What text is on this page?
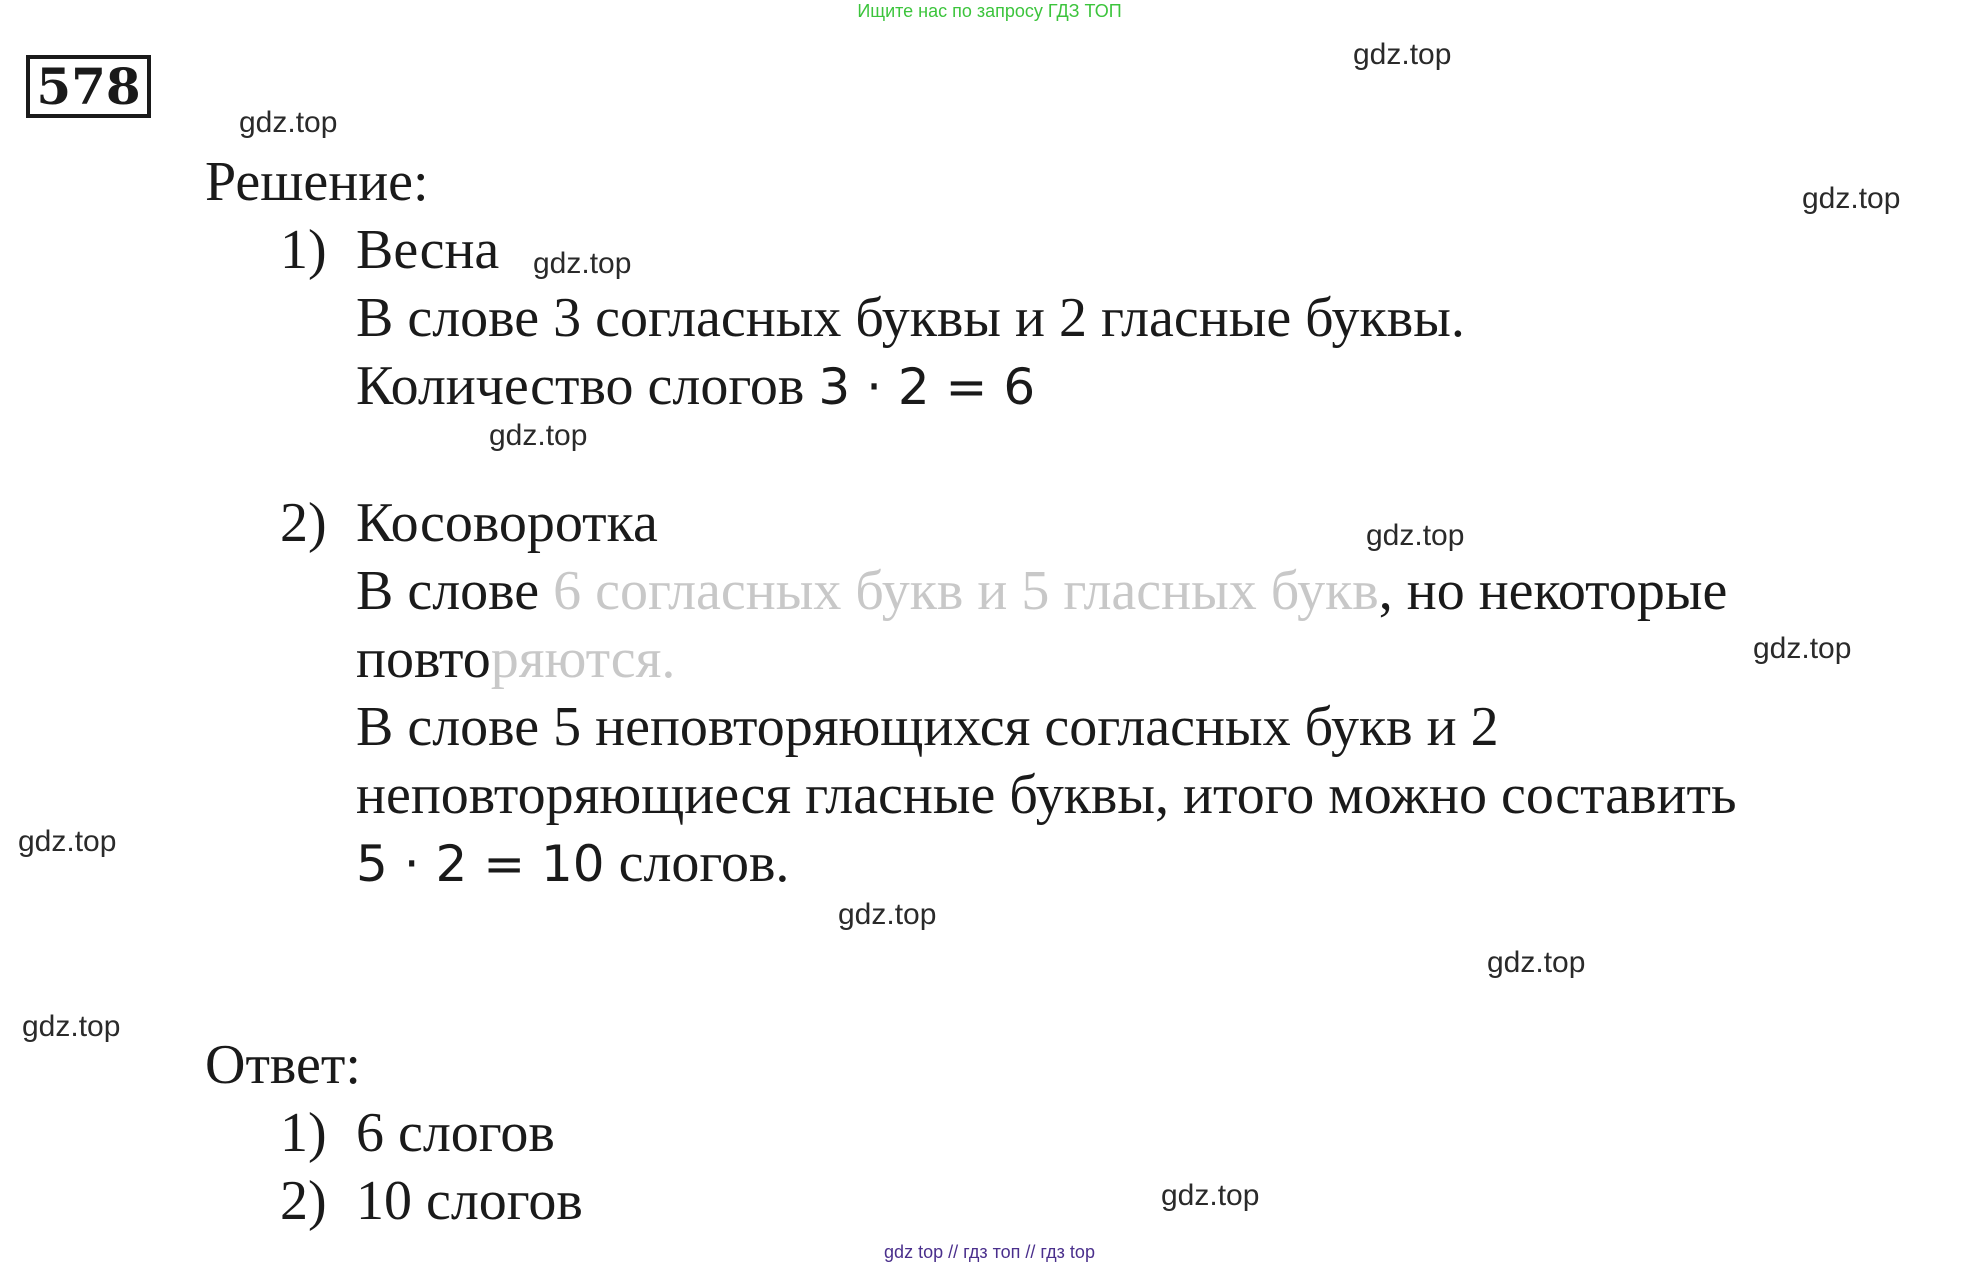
Ищите нас по запросу ГДЗ ТОП
578
Решение:
1) Весна
В слове 3 согласных буквы и 2 гласные буквы.
Количество слогов 3 · 2 = 6
2) Косоворотка
В слове 6 согласных букв и 5 гласных букв, но некоторые
повторяются.
В слове 5 неповторяющихся согласных букв и 2
неповторяющиеся гласные буквы, итого можно составить
5 · 2 = 10 слогов.
Ответ:
1) 6 слогов
2) 10 слогов
gdz.top
gdz.top
gdz.top
gdz.top
gdz.top
gdz.top
gdz.top
gdz.top
gdz.top
gdz.top
gdz.top
gdz.top
gdz top // гдз топ // гдз top
